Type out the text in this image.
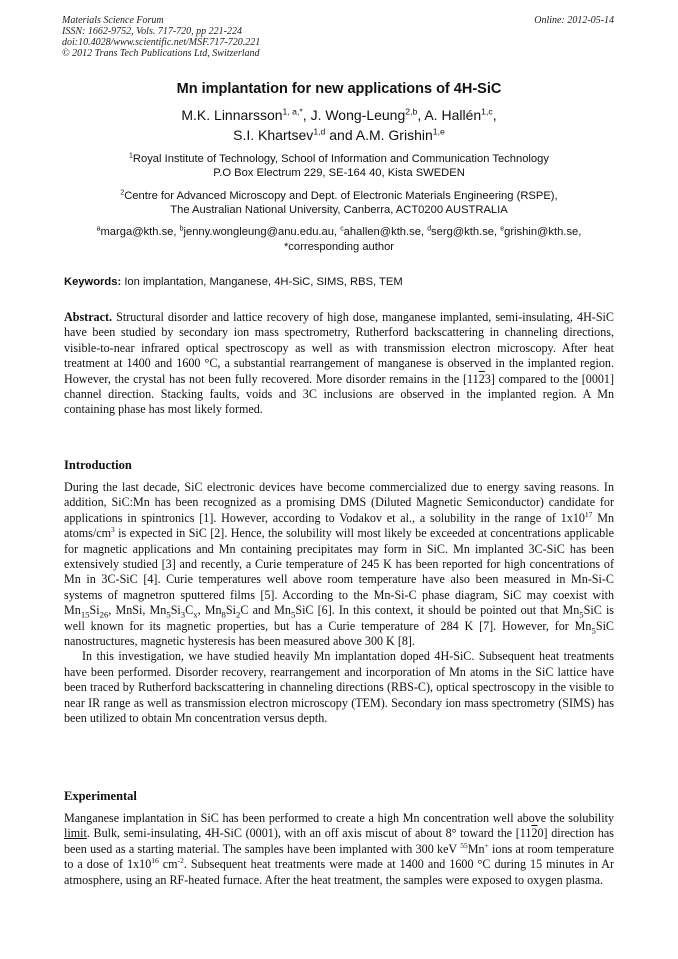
Materials Science Forum
ISSN: 1662-9752, Vols. 717-720, pp 221-224
doi:10.4028/www.scientific.net/MSF.717-720.221
© 2012 Trans Tech Publications Ltd, Switzerland
Online: 2012-05-14
Mn implantation for new applications of 4H-SiC
M.K. Linnarsson$^{1, a,*}$, J. Wong-Leung$^{2,b}$, A. Hallén$^{1,c}$,
S.I. Khartsev$^{1,d}$ and A.M. Grishin$^{1,e}$
$^1$Royal Institute of Technology, School of Information and Communication Technology
P.O Box Electrum 229, SE-164 40, Kista SWEDEN
$^2$Centre for Advanced Microscopy and Dept. of Electronic Materials Engineering (RSPE),
The Australian National University, Canberra, ACT0200 AUSTRALIA
$^a$marga@kth.se, $^b$jenny.wongleung@anu.edu.au, $^c$ahallen@kth.se, $^d$serg@kth.se, $^e$grishin@kth.se,
*corresponding author
Keywords: Ion implantation, Manganese, 4H-SiC, SIMS, RBS, TEM
Abstract. Structural disorder and lattice recovery of high dose, manganese implanted, semi-insulating, 4H-SiC have been studied by secondary ion mass spectrometry, Rutherford backscattering in channeling directions, visible-to-near infrared optical spectroscopy as well as with transmission electron microscopy. After heat treatment at 1400 and 1600 °C, a substantial rearrangement of manganese is observed in the implanted region. However, the crystal has not been fully recovered. More disorder remains in the [1123] compared to the [0001] channel direction. Stacking faults, voids and 3C inclusions are observed in the implanted region. A Mn containing phase has most likely formed.
Introduction

During the last decade, SiC electronic devices have become commercialized due to energy saving reasons. In addition, SiC:Mn has been recognized as a promising DMS (Diluted Magnetic Semiconductor) candidate for applications in spintronics [1]. However, according to Vodakov et al., a solubility in the range of $1x10^{17}$ Mn atoms/$cm^3$ is expected in SiC [2]. Hence, the solubility will most likely be exceeded at concentrations applicable for magnetic applications and Mn containing precipitates may form in SiC. Mn implanted 3C-SiC has been extensively studied [3] and recently, a Curie temperature of 245 K has been reported for high concentrations of Mn in 3C-SiC [4]. Curie temperatures well above room temperature have also been measured in Mn-Si-C systems of magnetron sputtered films [5]. According to the Mn-Si-C phase diagram, SiC may coexist with $Mn_{15}Si_{26}$, MnSi, $Mn_5Si_3C_x$, $Mn_8Si_2C$ and $Mn_5SiC$ [6]. In this context, it should be pointed out that $Mn_5SiC$ is well known for its magnetic properties, but has a Curie temperature of 284 K [7]. However, for $Mn_5SiC$ nanostructures, magnetic hysteresis has been measured above 300 K [8].

In this investigation, we have studied heavily Mn implantation doped 4H-SiC. Subsequent heat treatments have been performed. Disorder recovery, rearrangement and incorporation of Mn atoms in the SiC lattice have been traced by Rutherford backscattering in channeling directions (RBS-C), optical spectroscopy in the visible to near IR range as well as transmission electron microscopy (TEM). Secondary ion mass spectrometry (SIMS) has been utilized to obtain Mn concentration versus depth.

Experimental

Manganese implantation in SiC has been performed to create a high Mn concentration well above the solubility limit. Bulk, semi-insulating, 4H-SiC (0001), with an off axis miscut of about 8° toward the [1120] direction has been used as a starting material. The samples have been implanted with 300 keV $^{55}$Mn+ ions at room temperature to a dose of $1x10^{16}$ $cm^{-2}$. Subsequent heat treatments were made at 1400 and 1600 °C during 15 minutes in Ar atmosphere, using an RF-heated furnace. After the heat treatment, the samples were exposed to oxygen plasma.
